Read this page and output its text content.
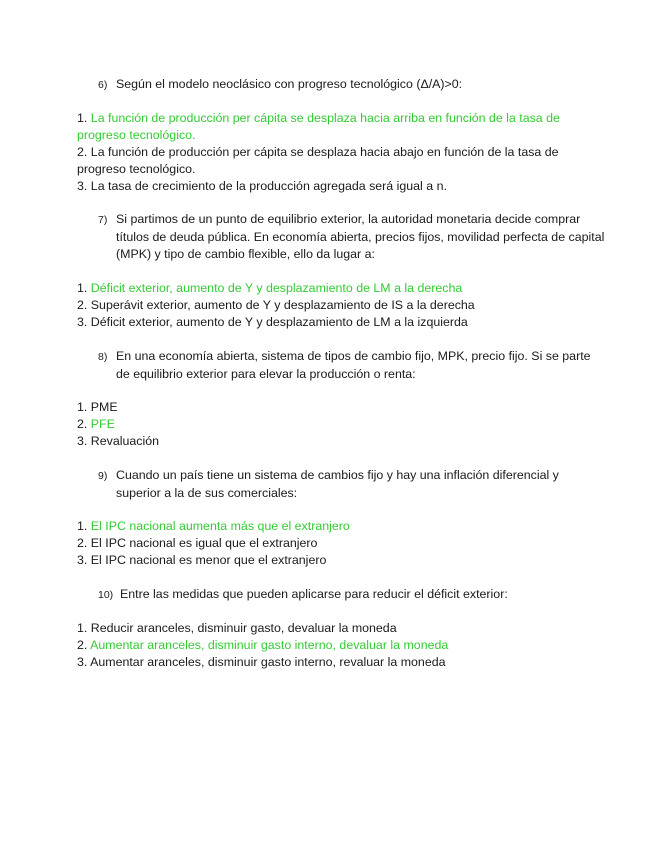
6) Según el modelo neoclásico con progreso tecnológico (Δ/A)>0:
1. La función de producción per cápita se desplaza hacia arriba en función de la tasa de progreso tecnológico.
2. La función de producción per cápita se desplaza hacia abajo en función de la tasa de progreso tecnológico.
3. La tasa de crecimiento de la producción agregada será igual a n.
7) Si partimos de un punto de equilibrio exterior, la autoridad monetaria decide comprar títulos de deuda pública. En economía abierta, precios fijos, movilidad perfecta de capital (MPK) y tipo de cambio flexible, ello da lugar a:
1. Déficit exterior, aumento de Y y desplazamiento de LM a la derecha
2. Superávit exterior, aumento de Y y desplazamiento de IS a la derecha
3. Déficit exterior, aumento de Y y desplazamiento de LM a la izquierda
8) En una economía abierta, sistema de tipos de cambio fijo, MPK, precio fijo. Si se parte de equilibrio exterior para elevar la producción o renta:
1. PME
2. PFE
3. Revaluación
9) Cuando un país tiene un sistema de cambios fijo y hay una inflación diferencial y superior a la de sus comerciales:
1. El IPC nacional aumenta más que el extranjero
2. El IPC nacional es igual que el extranjero
3. El IPC nacional es menor que el extranjero
10) Entre las medidas que pueden aplicarse para reducir el déficit exterior:
1. Reducir aranceles, disminuir gasto, devaluar la moneda
2. Aumentar aranceles, disminuir gasto interno, devaluar la moneda
3. Aumentar aranceles, disminuir gasto interno, revaluar la moneda
